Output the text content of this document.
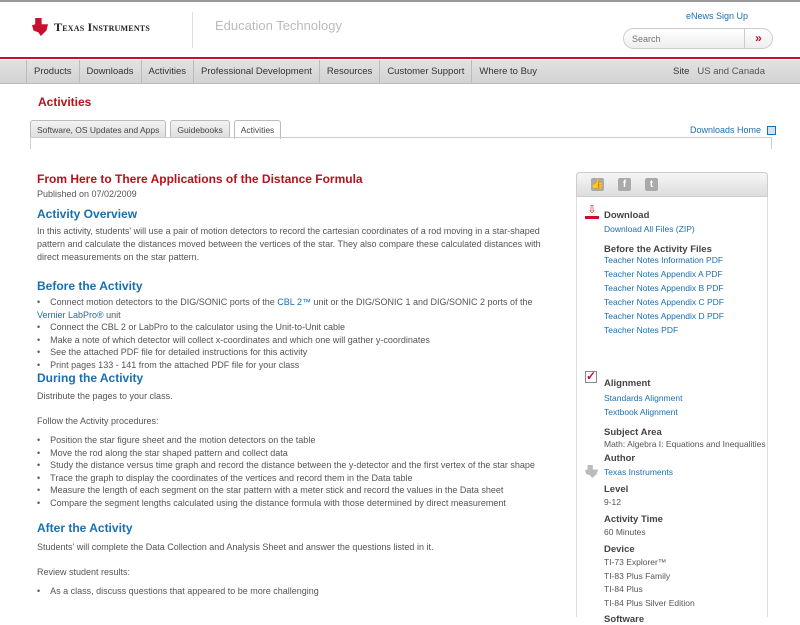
Texas Instruments	Education Technology
eNews Sign Up
Search
»
Products	Downloads	Activities	Professional Development	Resources	Customer Support	Where to Buy	Site US and Canada
Activities
Software, OS Updates and Apps	Guidebooks	Activities	Downloads Home
From Here to There Applications of the Distance Formula
Published on 07/02/2009
Activity Overview

In this activity, students' will use a pair of motion detectors to record the cartesian coordinates of a rod moving in a star-shaped pattern and calculate the distances moved between the vertices of the star. They also compare these calculated distances with direct measurements on the star pattern.

Before the Activity
• Connect motion detectors to the DIG/SONIC ports of the CBL 2™ unit or the DIG/SONIC 1 and DIG/SONIC 2 ports of the Vernier LabPro® unit
• Connect the CBL 2 or LabPro to the calculator using the Unit-to-Unit cable
• Make a note of which detector will collect x-coordinates and which one will gather y-coordinates
• See the attached PDF file for detailed instructions for this activity
• Print pages 133 - 141 from the attached PDF file for your class
During the Activity

Distribute the pages to your class.

Follow the Activity procedures:

• Position the star figure sheet and the motion detectors on the table
• Move the rod along the star shaped pattern and collect data
• Study the distance versus time graph and record the distance between the y-detector and the first vertex of the star shape
• Trace the graph to display the coordinates of the vertices and record them in the Data table
• Measure the length of each segment on the star pattern with a meter stick and record the values in the Data sheet
• Compare the segment lengths calculated using the distance formula with those determined by direct measurement
After the Activity

Students' will complete the Data Collection and Analysis Sheet and answer the questions listed in it.

Review student results:

• As a class, discuss questions that appeared to be more challenging
👍	f	t
⇩ Download
Download All Files (ZIP)
Before the Activity Files
Teacher Notes Information PDF
Teacher Notes Appendix A PDF
Teacher Notes Appendix B PDF
Teacher Notes Appendix C PDF
Teacher Notes Appendix D PDF
Teacher Notes PDF
✓
Alignment
Standards Alignment
Textbook Alignment
Subject Area
Math: Algebra I: Equations and Inequalities
Author
Texas Instruments
Level
9-12
Activity Time
60 Minutes
Device
TI-73 Explorer™
TI-83 Plus Family
TI-84 Plus
TI-84 Plus Silver Edition
Software
